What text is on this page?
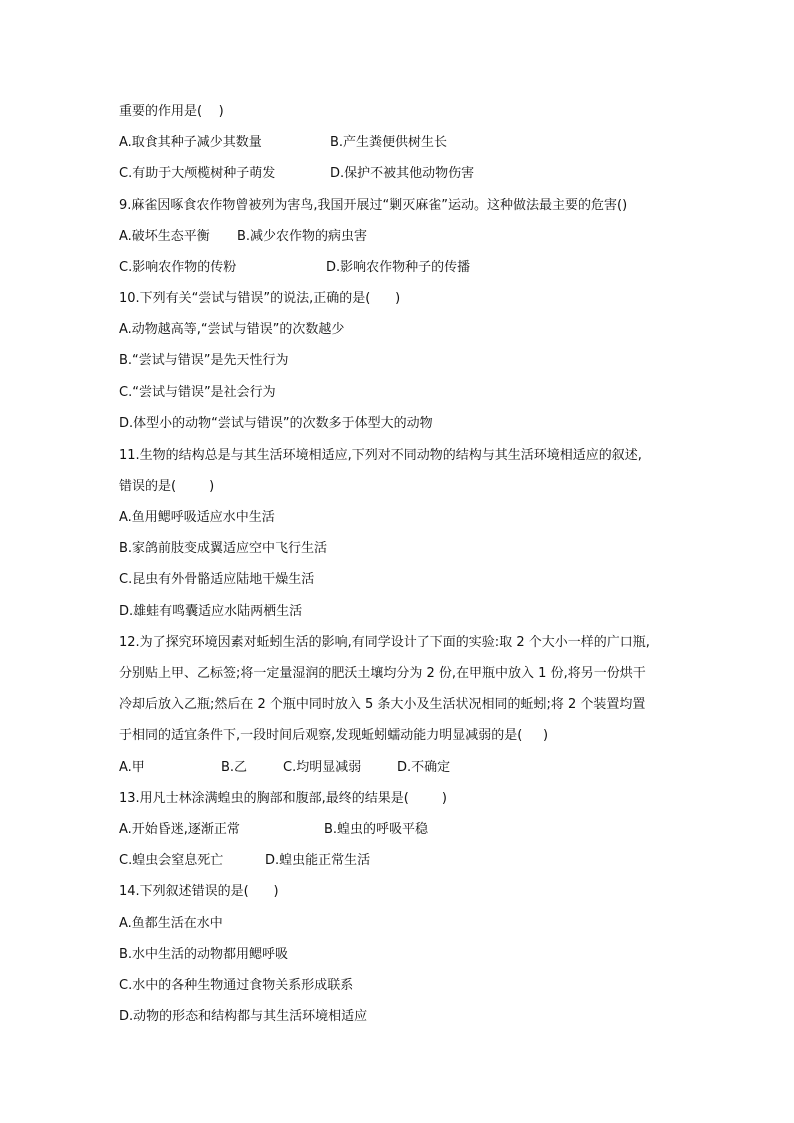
重要的作用是(    )

A.取食其种子减少其数量

	B.产生粪便供树生长

C.有助于大颅榄树种子萌发

	D.保护不被其他动物伤害

9.麻雀因啄食农作物曾被列为害鸟,我国开展过“剿灭麻雀”运动。这种做法最主要的危害()

A.破坏生态平衡

B.减少农作物的病虫害

C.影响农作物的传粉

	D.影响农作物种子的传播

10.下列有关“尝试与错误”的说法,正确的是(      )
A.动物越高等,“尝试与错误”的次数越少
B.“尝试与错误”是先天性行为
C.“尝试与错误”是社会行为
D.体型小的动物“尝试与错误”的次数多于体型大的动物
11.生物的结构总是与其生活环境相适应,下列对不同动物的结构与其生活环境相适应的叙述,
错误的是(        )
A.鱼用鳃呼吸适应水中生活
B.家鸽前肢变成翼适应空中飞行生活
C.昆虫有外骨骼适应陆地干燥生活
D.雄蛙有鸣囊适应水陆两栖生活
12.为了探究环境因素对蚯蚓生活的影响,有同学设计了下面的实验:取 2 个大小一样的广口瓶,
分别贴上甲、乙标签;将一定量湿润的肥沃土壤均分为 2 份,在甲瓶中放入 1 份,将另一份烘干
冷却后放入乙瓶;然后在 2 个瓶中同时放入 5 条大小及生活状况相同的蚯蚓;将 2 个装置均置
于相同的适宜条件下,一段时间后观察,发现蚯蚓蠕动能力明显减弱的是(     )

A.甲

	B.乙

	C.均明显减弱

	D.不确定

13.用凡士林涂满蝗虫的胸部和腹部,最终的结果是(        )

A.开始昏迷,逐渐正常

	B.蝗虫的呼吸平稳

C.蝗虫会窒息死亡

	D.蝗虫能正常生活

14.下列叙述错误的是(      )
A.鱼都生活在水中
B.水中生活的动物都用鳃呼吸
C.水中的各种生物通过食物关系形成联系
D.动物的形态和结构都与其生活环境相适应
